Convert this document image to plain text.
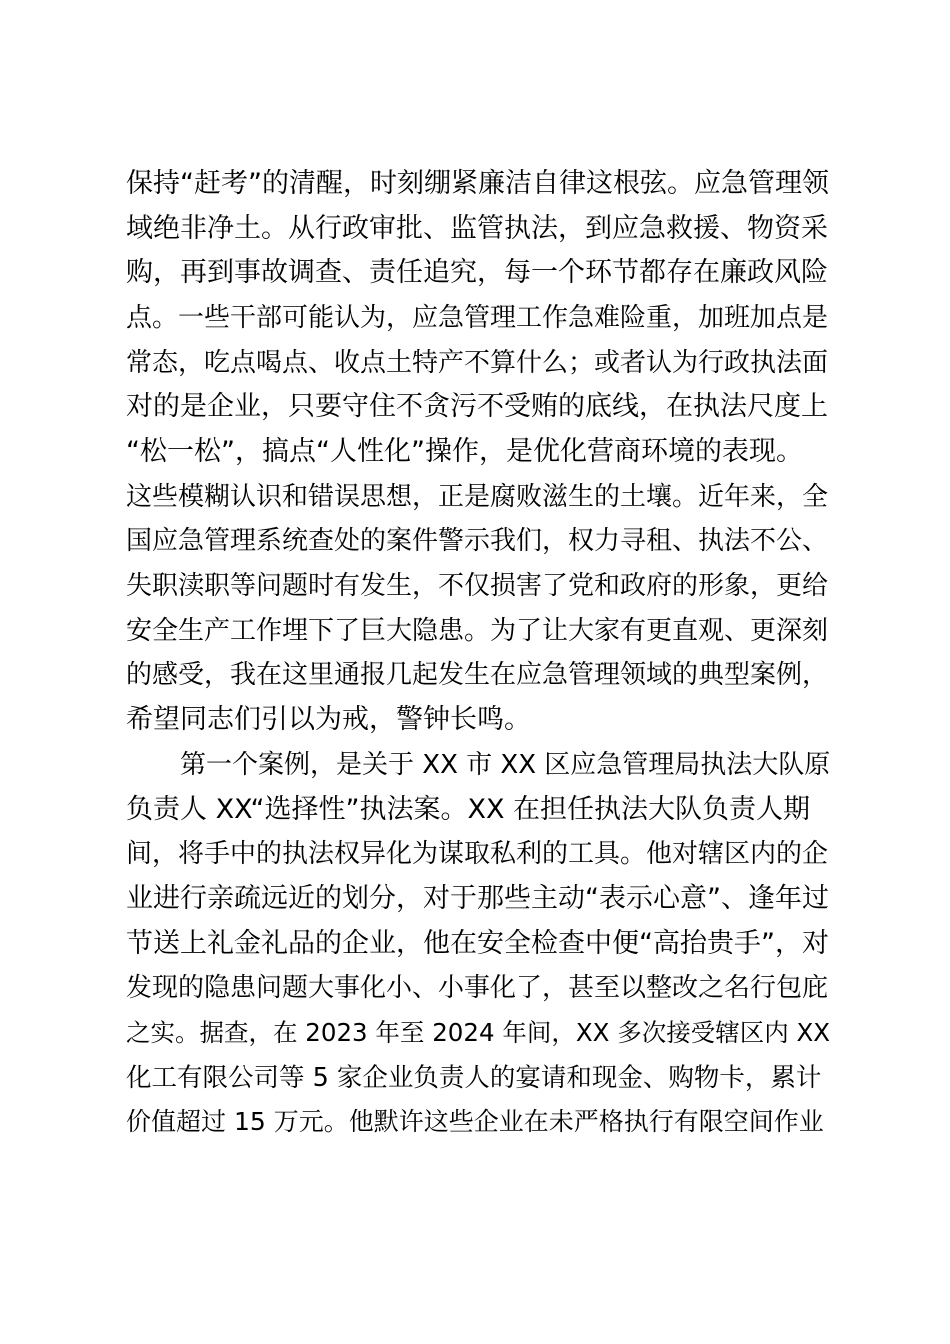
保持“赶考”的清醒，时刻绷紧廉洁自律这根弦。应急管理领
域绝非净土。从行政审批、监管执法，到应急救援、物资采
购，再到事故调查、责任追究，每一个环节都存在廉政风险
点。一些干部可能认为，应急管理工作急难险重，加班加点是
常态，吃点喝点、收点土特产不算什么；或者认为行政执法面
对的是企业，只要守住不贪污不受贿的底线，在执法尺度上
“松一松”，搞点“人性化”操作，是优化营商环境的表现。
这些模糊认识和错误思想，正是腐败滋生的土壤。近年来，全
国应急管理系统查处的案件警示我们，权力寻租、执法不公、
失职渎职等问题时有发生，不仅损害了党和政府的形象，更给
安全生产工作埋下了巨大隐患。为了让大家有更直观、更深刻
的感受，我在这里通报几起发生在应急管理领域的典型案例，
希望同志们引以为戒，警钟长鸣。
第一个案例，是关于 XX 市 XX 区应急管理局执法大队原
负责人 XX“选择性”执法案。XX 在担任执法大队负责人期
间，将手中的执法权异化为谋取私利的工具。他对辖区内的企
业进行亲疏远近的划分，对于那些主动“表示心意”、逢年过
节送上礼金礼品的企业，他在安全检查中便“高抬贵手”，对
发现的隐患问题大事化小、小事化了，甚至以整改之名行包庇
之实。据查，在 2023 年至 2024 年间，XX 多次接受辖区内 XX
化工有限公司等 5 家企业负责人的宴请和现金、购物卡，累计
价值超过 15 万元。他默许这些企业在未严格执行有限空间作业
